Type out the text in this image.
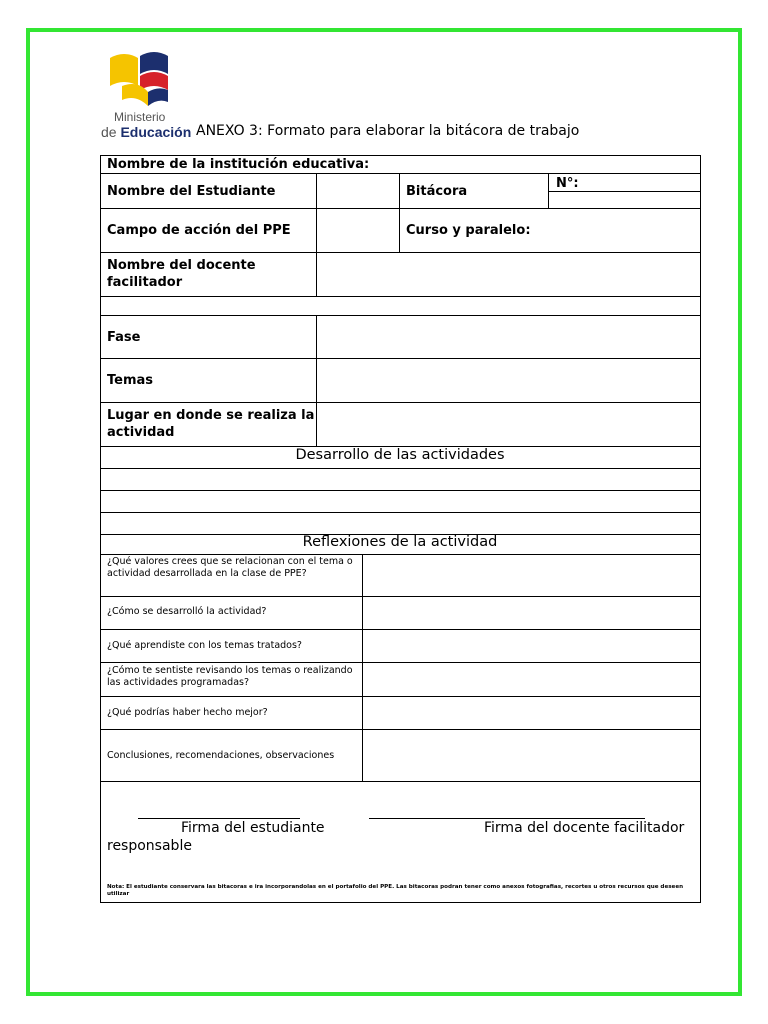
Ministerio
de Educación ANEXO 3: Formato para elaborar la bitácora de trabajo
Nombre de la institución educativa:
Nombre del Estudiante	Bitácora
N°:
Campo de acción del PPE	Curso y paralelo:
Nombre del docente facilitador
Fase
Temas
Lugar en donde se realiza la actividad
Desarrollo de las actividades
Reflexiones de la actividad
¿Qué valores crees que se relacionan con el tema o actividad desarrollada en la clase de PPE?
¿Cómo se desarrolló la actividad?
¿Qué aprendiste con los temas tratados?
¿Cómo te sentiste revisando los temas o realizando las actividades programadas?
¿Qué podrías haber hecho mejor?
Conclusiones, recomendaciones, observaciones
Firma del estudiante
responsable
Firma del docente facilitador
Nota: El estudiante conservara las bitacoras e ira incorporandolas en el portafolio del PPE. Las bitacoras podran tener como anexos fotografias, recortes u otros recursos que deseen utilizar
